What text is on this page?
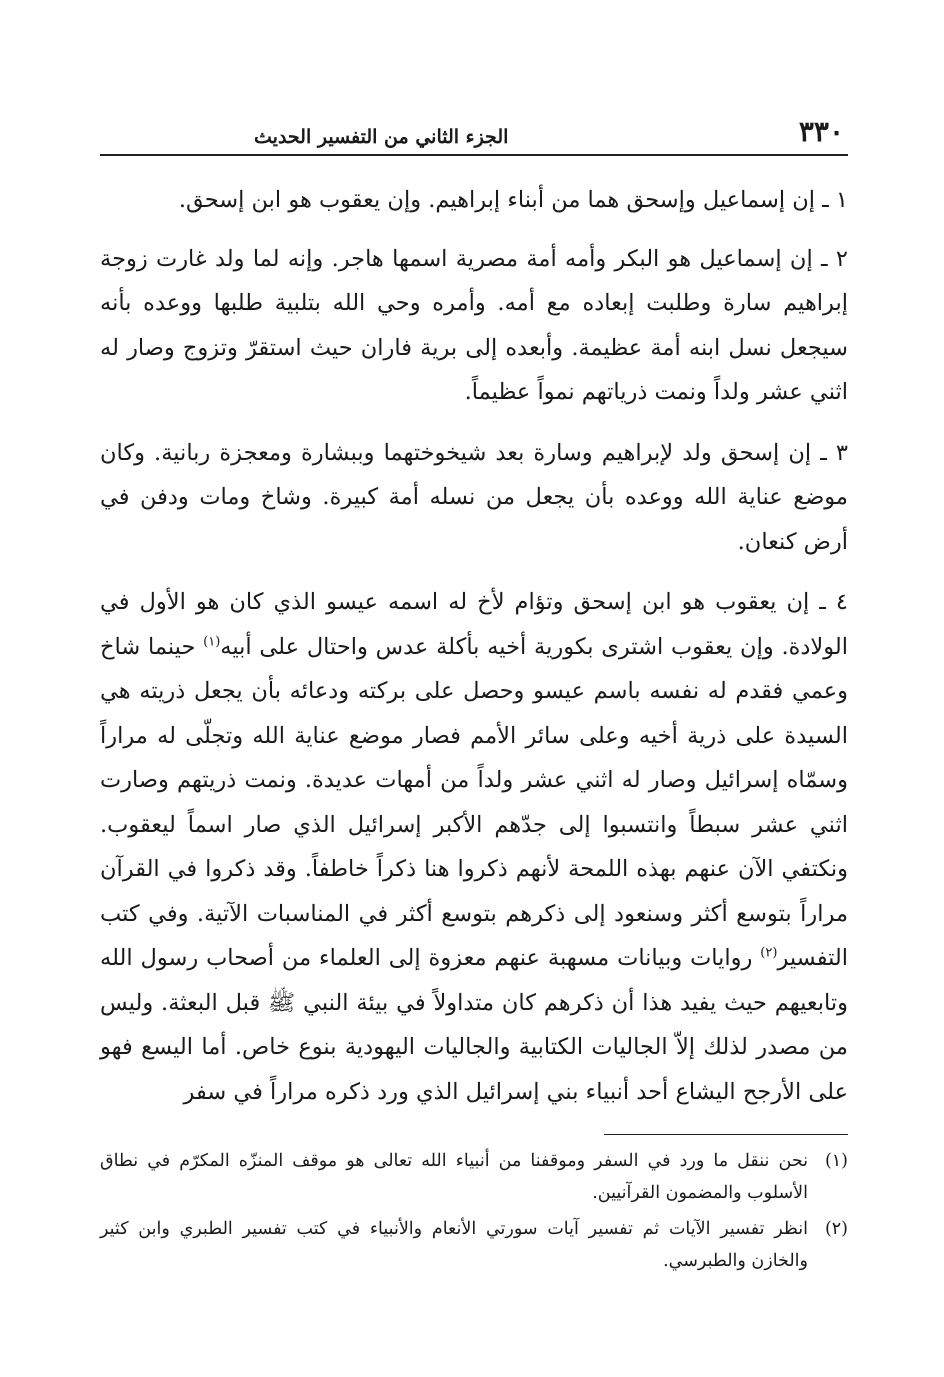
٣٣٠
الجزء الثاني من التفسير الحديث

١ ـ إن إسماعيل وإسحق هما من أبناء إبراهيم. وإن يعقوب هو ابن إسحق.

٢ ـ إن إسماعيل هو البكر وأمه أمة مصرية اسمها هاجر. وإنه لما ولد غارت زوجة إبراهيم سارة وطلبت إبعاده مع أمه. وأمره وحي الله بتلبية طلبها ووعده بأنه سيجعل نسل ابنه أمة عظيمة. وأبعده إلى برية فاران حيث استقرّ وتزوج وصار له اثني عشر ولداً ونمت ذرياتهم نمواً عظيماً.

٣ ـ إن إسحق ولد لإبراهيم وسارة بعد شيخوختهما وببشارة ومعجزة ربانية. وكان موضع عناية الله ووعده بأن يجعل من نسله أمة كبيرة. وشاخ ومات ودفن في أرض كنعان.

٤ ـ إن يعقوب هو ابن إسحق وتؤام لأخ له اسمه عيسو الذي كان هو الأول في الولادة. وإن يعقوب اشترى بكورية أخيه بأكلة عدس واحتال على أبيه$^{(١)}$ حينما شاخ وعمي فقدم له نفسه باسم عيسو وحصل على بركته ودعائه بأن يجعل ذريته هي السيدة على ذرية أخيه وعلى سائر الأمم فصار موضع عناية الله وتجلّى له مراراً وسمّاه إسرائيل وصار له اثني عشر ولداً من أمهات عديدة. ونمت ذريتهم وصارت اثني عشر سبطاً وانتسبوا إلى جدّهم الأكبر إسرائيل الذي صار اسماً ليعقوب. ونكتفي الآن عنهم بهذه اللمحة لأنهم ذكروا هنا ذكراً خاطفاً. وقد ذكروا في القرآن مراراً بتوسع أكثر وسنعود إلى ذكرهم بتوسع أكثر في المناسبات الآتية. وفي كتب التفسير$^{(٢)}$ روايات وبيانات مسهبة عنهم معزوة إلى العلماء من أصحاب رسول الله وتابعيهم حيث يفيد هذا أن ذكرهم كان متداولاً في بيئة النبي ﷺ قبل البعثة. وليس من مصدر لذلك إلاّ الجاليات الكتابية والجاليات اليهودية بنوع خاص. أما اليسع فهو على الأرجح اليشاع أحد أنبياء بني إسرائيل الذي ورد ذكره مراراً في سفر

(١)
نحن ننقل ما ورد في السفر وموقفنا من أنبياء الله تعالى هو موقف المنزّه المكرّم في نطاق الأسلوب والمضمون القرآنيين.
(٢)
انظر تفسير الآيات ثم تفسير آيات سورتي الأنعام والأنبياء في كتب تفسير الطبري وابن كثير والخازن والطبرسي.
